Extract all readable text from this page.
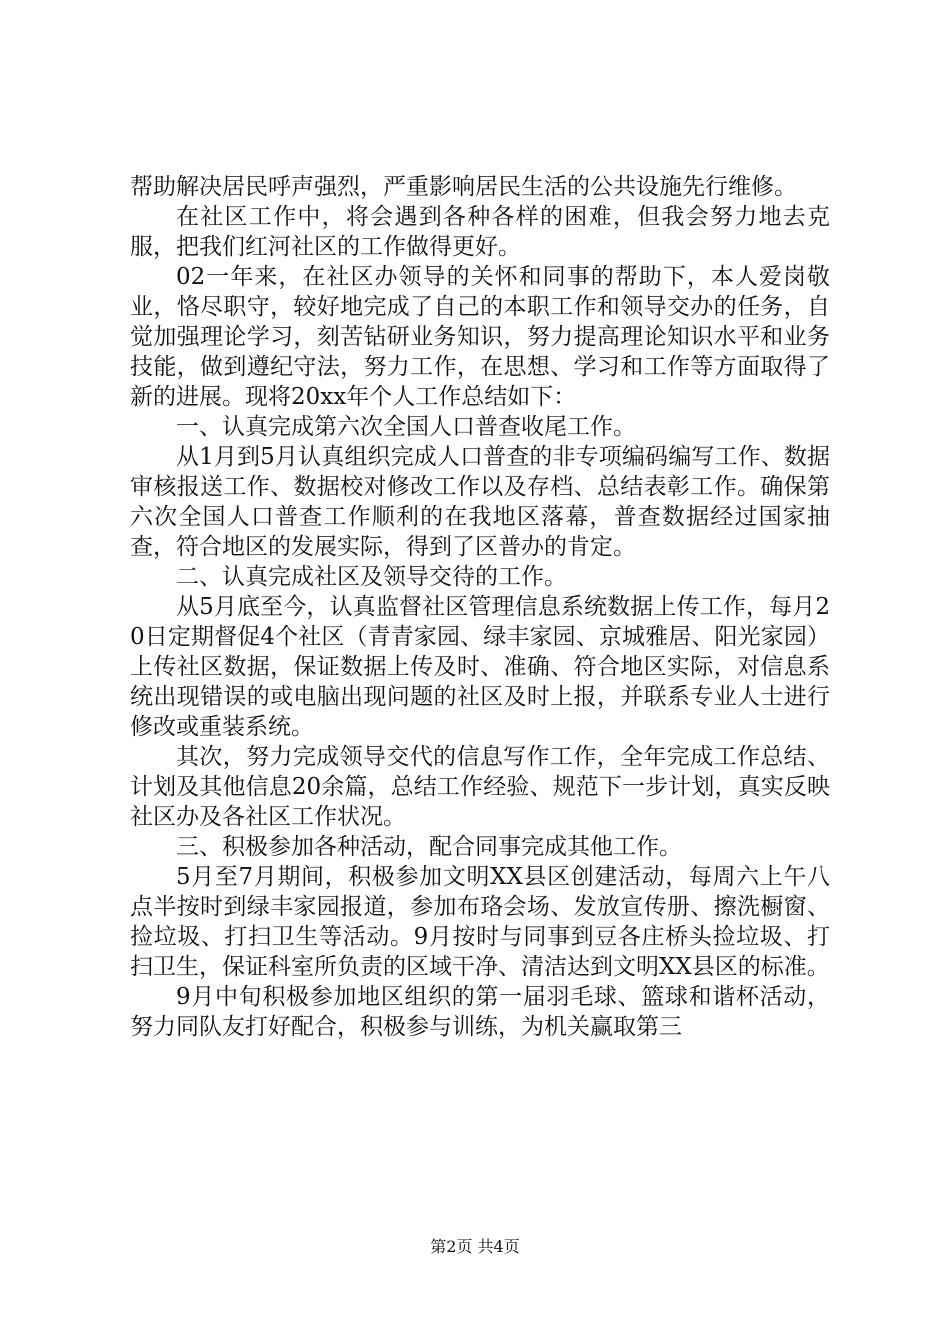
帮助解决居民呼声强烈，严重影响居民生活的公共设施先行维修。

在社区工作中，将会遇到各种各样的困难，但我会努力地去克服，把我们红河社区的工作做得更好。

02一年来，在社区办领导的关怀和同事的帮助下，本人爱岗敬业，恪尽职守，较好地完成了自己的本职工作和领导交办的任务，自觉加强理论学习，刻苦钻研业务知识，努力提高理论知识水平和业务技能，做到遵纪守法，努力工作，在思想、学习和工作等方面取得了新的进展。现将20xx年个人工作总结如下：

一、认真完成第六次全国人口普查收尾工作。

从1月到5月认真组织完成人口普查的非专项编码编写工作、数据审核报送工作、数据校对修改工作以及存档、总结表彰工作。确保第六次全国人口普查工作顺利的在我地区落幕，普查数据经过国家抽查，符合地区的发展实际，得到了区普办的肯定。

二、认真完成社区及领导交待的工作。

从5月底至今，认真监督社区管理信息系统数据上传工作，每月20日定期督促4个社区（青青家园、绿丰家园、京城雅居、阳光家园）上传社区数据，保证数据上传及时、准确、符合地区实际，对信息系统出现错误的或电脑出现问题的社区及时上报，并联系专业人士进行修改或重装系统。

其次，努力完成领导交代的信息写作工作，全年完成工作总结、计划及其他信息20余篇，总结工作经验、规范下一步计划，真实反映社区办及各社区工作状况。

三、积极参加各种活动，配合同事完成其他工作。

5月至7月期间，积极参加文明XX县区创建活动，每周六上午八点半按时到绿丰家园报道，参加布珞会场、发放宣传册、擦洗橱窗、捡垃圾、打扫卫生等活动。9月按时与同事到豆各庄桥头捡垃圾、打扫卫生，保证科室所负责的区域干净、清洁达到文明XX县区的标准。

9月中旬积极参加地区组织的第一届羽毛球、篮球和谐杯活动，努力同队友打好配合，积极参与训练，为机关赢取第三

第2页 共4页
